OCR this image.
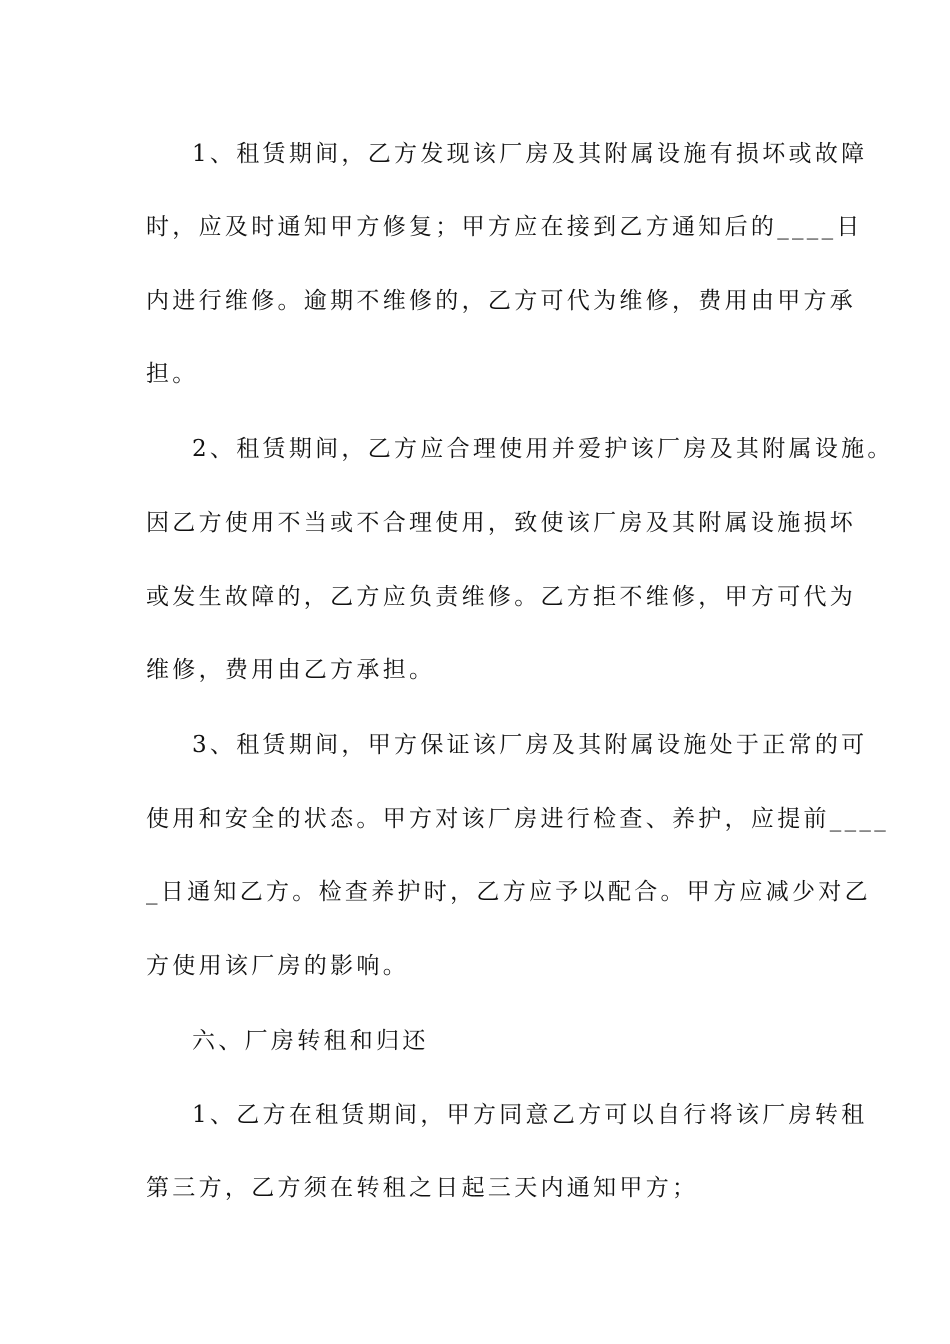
1、租赁期间，乙方发现该厂房及其附属设施有损坏或故障
时，应及时通知甲方修复；甲方应在接到乙方通知后的____日
内进行维修。逾期不维修的，乙方可代为维修，费用由甲方承
担。
2、租赁期间，乙方应合理使用并爱护该厂房及其附属设施。
因乙方使用不当或不合理使用，致使该厂房及其附属设施损坏
或发生故障的，乙方应负责维修。乙方拒不维修，甲方可代为
维修，费用由乙方承担。
3、租赁期间，甲方保证该厂房及其附属设施处于正常的可
使用和安全的状态。甲方对该厂房进行检查、养护，应提前____
_日通知乙方。检查养护时，乙方应予以配合。甲方应减少对乙
方使用该厂房的影响。
六、厂房转租和归还
1、乙方在租赁期间，甲方同意乙方可以自行将该厂房转租
第三方，乙方须在转租之日起三天内通知甲方；
